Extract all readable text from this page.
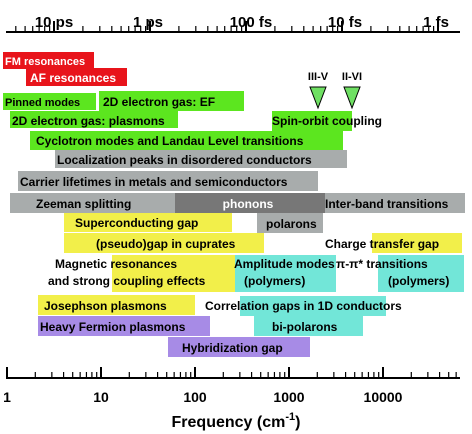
10 ps	1 ps	100 fs	10 fs	1 fs
III-V II-VI
FM resonances
AF resonances
Pinned modes 2D electron gas: EF
2D electron gas: plasmons	Spin-orbit coupling
Cyclotron modes and Landau Level transitions
Localization peaks in disordered conductors
Carrier lifetimes in metals and semiconductors
Zeeman splitting	phonons	Inter-band transitions
Superconducting gap	polarons
(pseudo)gap in cuprates	Charge transfer gap
Magnetic resonances
and strong coupling effects
Amplitude modes
(polymers)
π-π* transitions
(polymers)
Josephson plasmons	Correlation gaps in 1D conductors
Heavy Fermion plasmons	bi-polarons
Hybridization gap
1	10	100	1000	10000
Frequency $(cm^{-1})$
